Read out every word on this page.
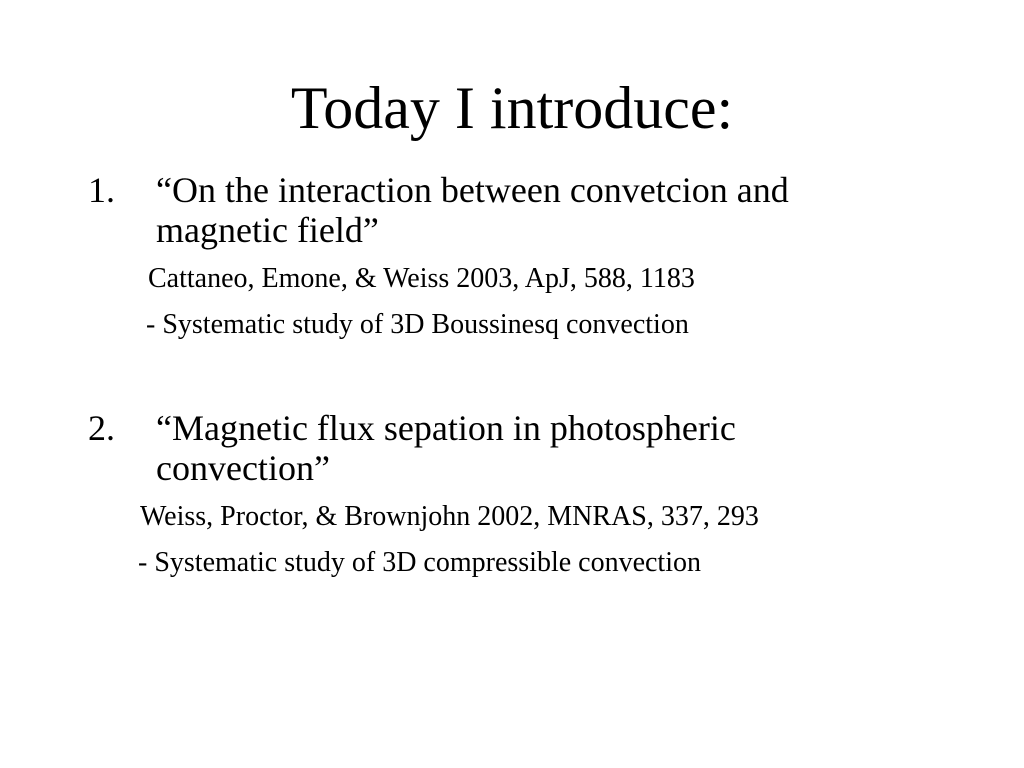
Today I introduce:
1. “On the interaction between convetcion and magnetic field”
Cattaneo, Emone, & Weiss 2003, ApJ, 588, 1183
- Systematic study of 3D Boussinesq convection
2. “Magnetic flux sepation in photospheric convection”
Weiss, Proctor, & Brownjohn 2002, MNRAS, 337, 293
- Systematic study of 3D compressible convection
